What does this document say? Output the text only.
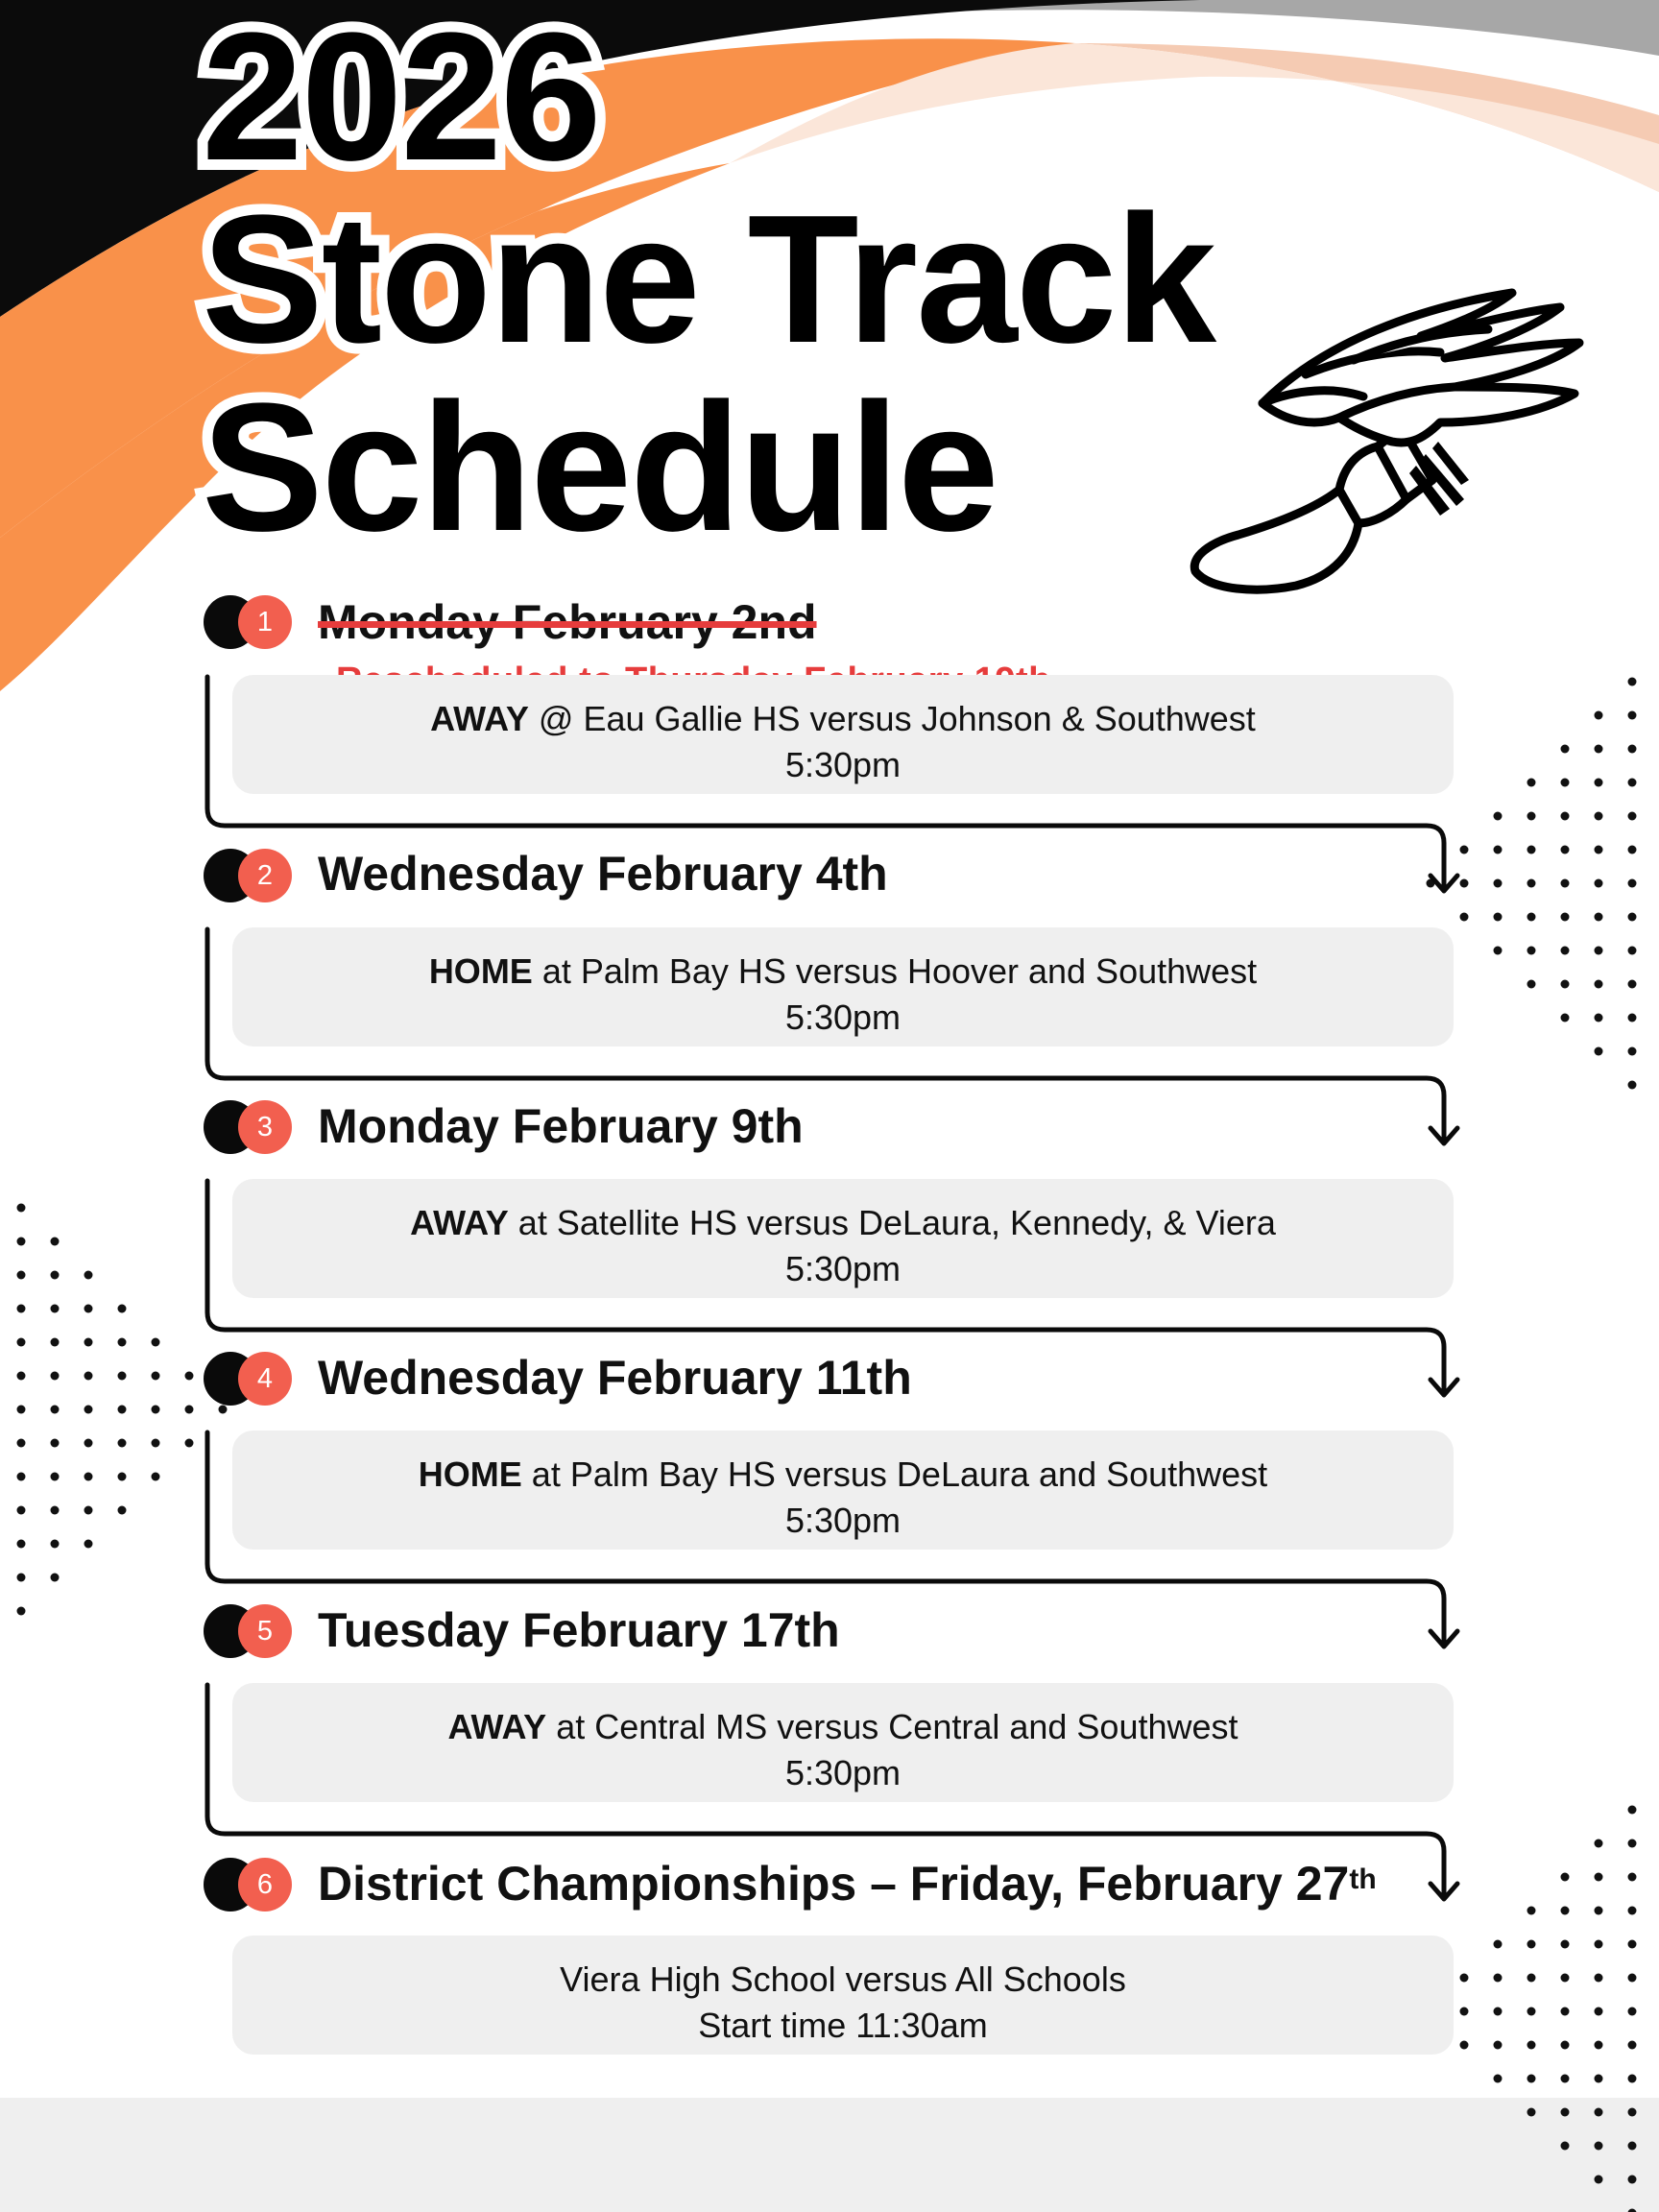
2026
Stone Track
Schedule
1 Monday February 2nd

AWAY @ Eau Gallie HS versus Johnson & Southwest
5:30pm
2 Wednesday February 4th
HOME at Palm Bay HS versus Hoover and Southwest
5:30pm
3 Monday February 9th
AWAY at Satellite HS versus DeLaura, Kennedy, & Viera
5:30pm
4 Wednesday February 11th
HOME at Palm Bay HS versus DeLaura and Southwest
5:30pm
5 Tuesday February 17th
AWAY at Central MS versus Central and Southwest
5:30pm
6 District Championships – Friday, February 27th
Viera High School versus All Schools
Start time 11:30am
